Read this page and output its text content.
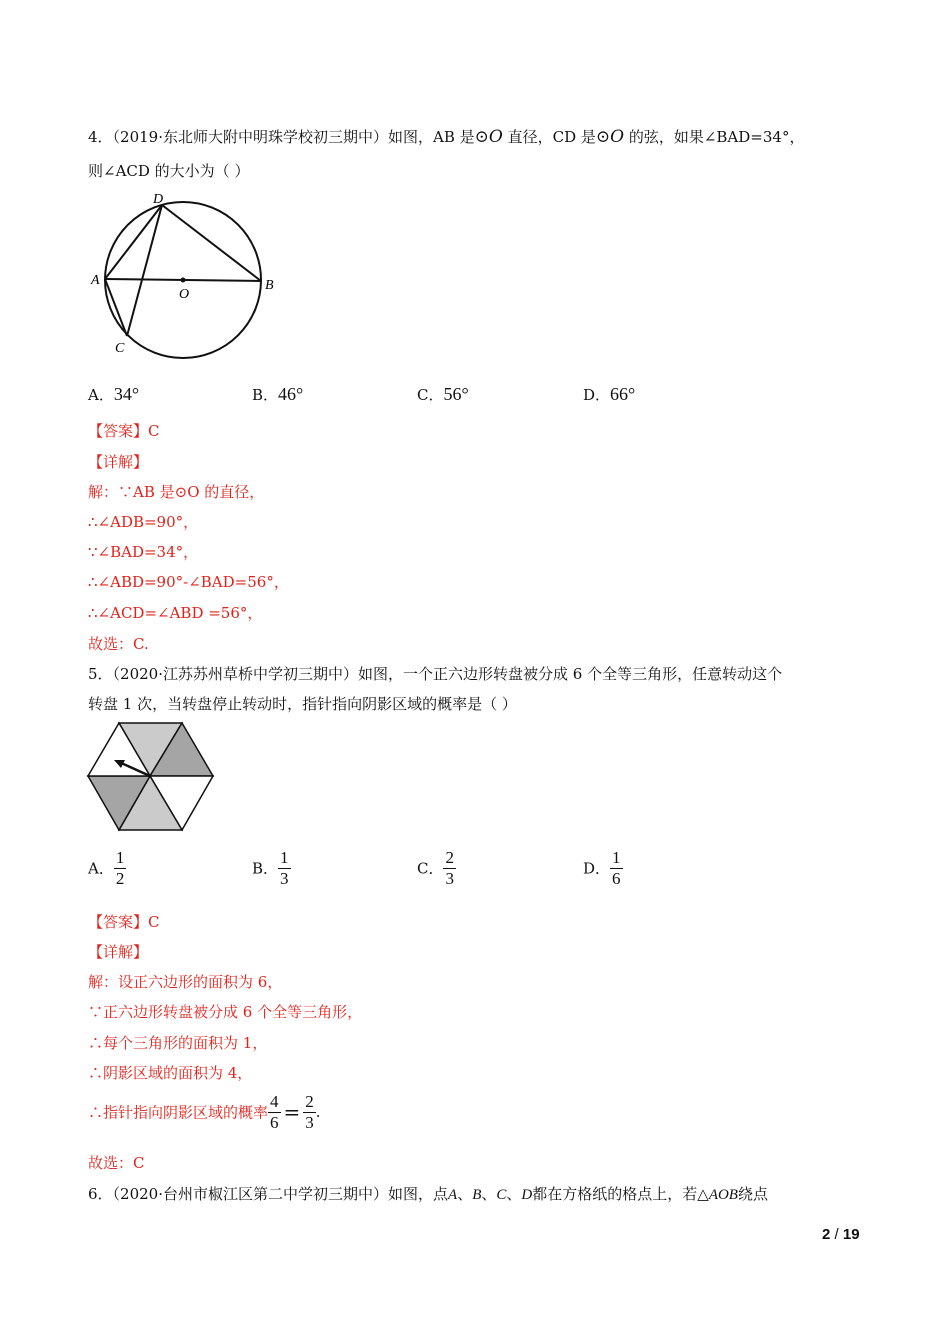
4．（2019·东北师大附中明珠学校初三期中）如图，AB 是⊙O 直径，CD 是⊙O 的弦，如果∠BAD=34°，
则∠ACD 的大小为（ ）
A	B
C
D
O
A．34°	B．46°	C．56°	D．66°
【答案】C
【详解】
解：∵AB 是⊙O 的直径，
∴∠ADB=90°，
∵∠BAD=34°，
∴∠ABD=90°-∠BAD=56°，
∴∠ACD=∠ABD =56°，
故选：C.
5．（2020·江苏苏州草桥中学初三期中）如图，一个正六边形转盘被分成 6 个全等三角形，任意转动这个
转盘 1 次，当转盘停止转动时，指针指向阴影区域的概率是（ ）
A． $\frac{1}{2}$	B． $\frac{1}{3}$	C． $\frac{2}{3}$	D． $\frac{1}{6}$
【答案】C
【详解】
解：设正六边形的面积为 6，
∵正六边形转盘被分成 6 个全等三角形，
∴每个三角形的面积为 1，
∴阴影区域的面积为 4，
∴指针指向阴影区域的概率 $\frac{4}{6} = \frac{2}{3}$ .
故选：C
6．（2020·台州市椒江区第二中学初三期中）如图，点A、B、C、D都在方格纸的格点上，若△AOB绕点
2 / 19
